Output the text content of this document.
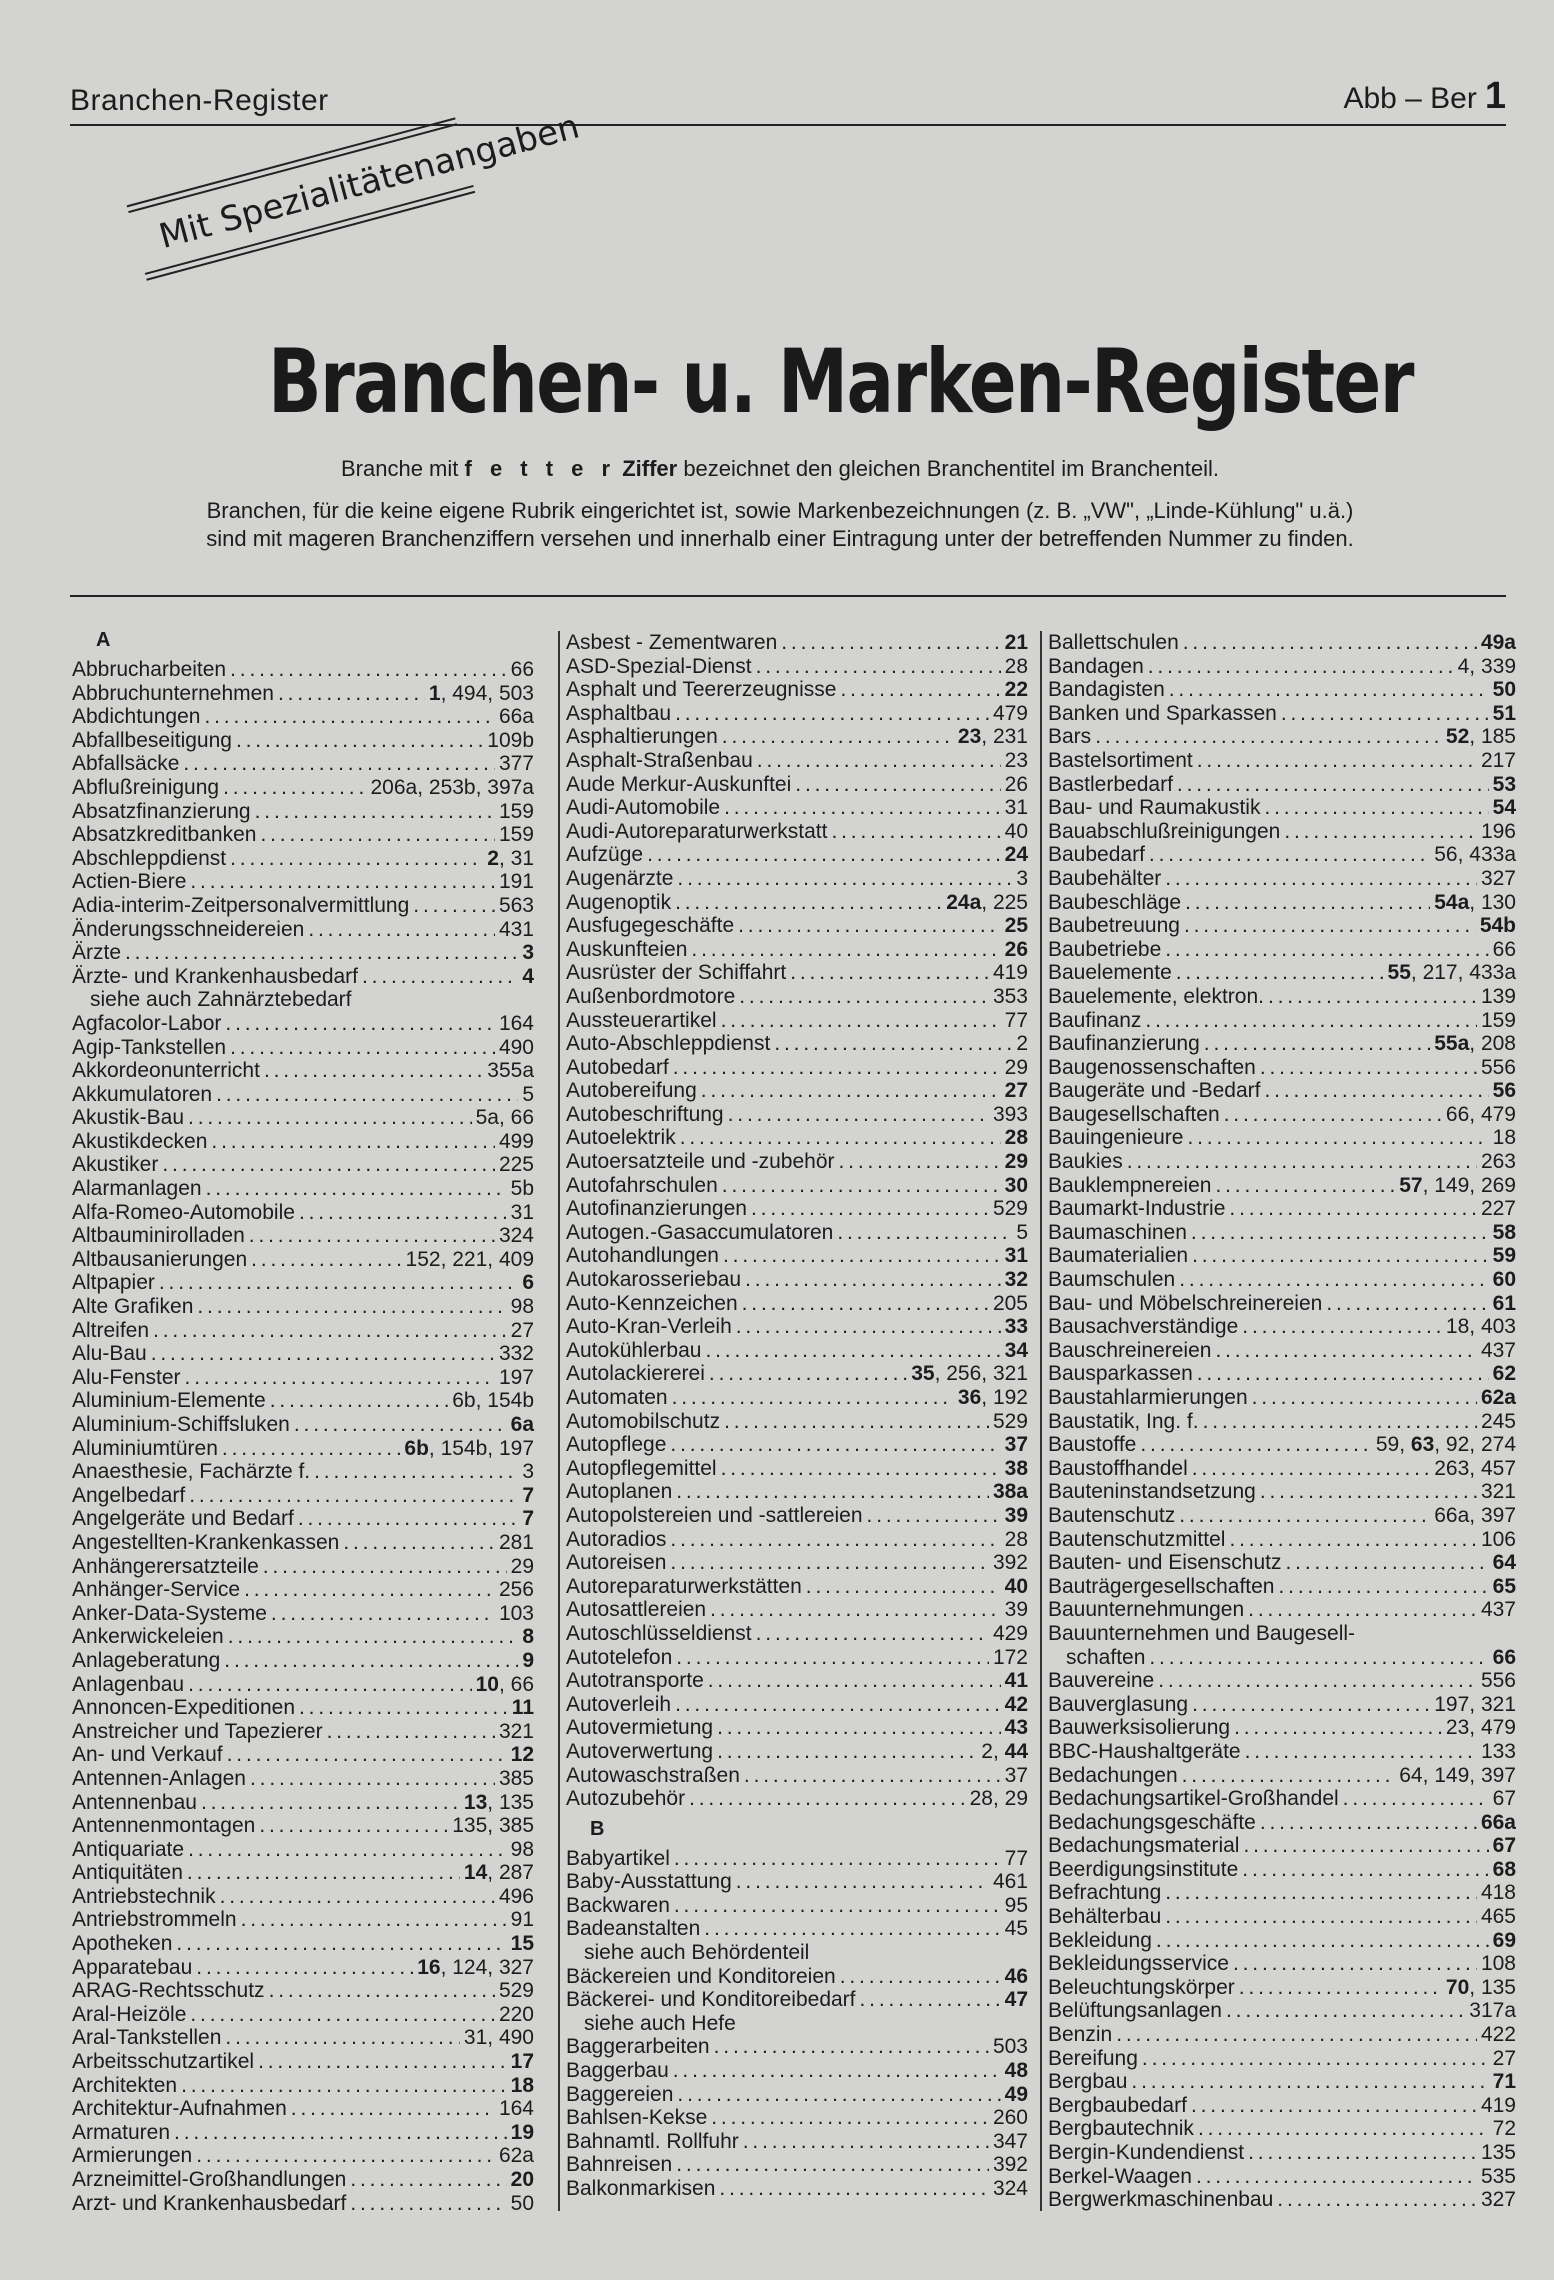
Branchen-Register	Abb – Ber 1
Mit Spezialitätenangaben
Branchen- u. Marken-Register
Branche mit f e t t e r Ziffer bezeichnet den gleichen Branchentitel im Branchenteil.
Branchen, für die keine eigene Rubrik eingerichtet ist, sowie Markenbezeichnungen (z. B. „VW", „Linde-Kühlung" u.ä.)
sind mit mageren Branchenziffern versehen und innerhalb einer Eintragung unter der betreffenden Nummer zu finden.
A
Abbrucharbeiten . . .	66
Abbruchunternehmen . . .	1, 494, 503
Abdichtungen . . .	66a
Abfallbeseitigung . . .	109b
Abfallsäcke . . .	377
Abflußreinigung . . .	206a, 253b, 397a
Absatzfinanzierung . . .	159
Absatzkreditbanken . . .	159
Abschleppdienst . . .	2, 31
Actien-Biere . . .	191
Adia-interim-Zeitpersonalvermittlung . . .	563
Änderungsschneidereien . . .	431
Ärzte . . .	3
Ärzte- und Krankenhausbedarf . . .	4
siehe auch Zahnärztebedarf
Agfacolor-Labor . . .	164
Agip-Tankstellen . . .	490
Akkordeonunterricht . . .	355a
Akkumulatoren . . .	5
Akustik-Bau . . .	5a, 66
Akustikdecken . . .	499
Akustiker . . .	225
Alarmanlagen . . .	5b
Alfa-Romeo-Automobile . . .	31
Altbauminirolladen . . .	324
Altbausanierungen . . .	152, 221, 409
Altpapier . . .	6
Alte Grafiken . . .	98
Altreifen . . .	27
Alu-Bau . . .	332
Alu-Fenster . . .	197
Aluminium-Elemente . . .	6b, 154b
Aluminium-Schiffsluken . . .	6a
Aluminiumtüren . . .	6b, 154b, 197
Anaesthesie, Fachärzte f. . . .	3
Angelbedarf . . .	7
Angelgeräte und Bedarf . . .	7
Angestellten-Krankenkassen . . .	281
Anhängerersatzteile . . .	29
Anhänger-Service . . .	256
Anker-Data-Systeme . . .	103
Ankerwickeleien . . .	8
Anlageberatung . . .	9
Anlagenbau . . .	10, 66
Annoncen-Expeditionen . . .	11
Anstreicher und Tapezierer . . .	321
An- und Verkauf . . .	12
Antennen-Anlagen . . .	385
Antennenbau . . .	13, 135
Antennenmontagen . . .	135, 385
Antiquariate . . .	98
Antiquitäten . . .	14, 287
Antriebstechnik . . .	496
Antriebstrommeln . . .	91
Apotheken . . .	15
Apparatebau . . .	16, 124, 327
ARAG-Rechtsschutz . . .	529
Aral-Heizöle . . .	220
Aral-Tankstellen . . .	31, 490
Arbeitsschutzartikel . . .	17
Architekten . . .	18
Architektur-Aufnahmen . . .	164
Armaturen . . .	19
Armierungen . . .	62a
Arzneimittel-Großhandlungen . . .	20
Arzt- und Krankenhausbedarf . . .	50
Asbest - Zementwaren . . .	21
ASD-Spezial-Dienst . . .	28
Asphalt und Teererzeugnisse . . .	22
Asphaltbau . . .	479
Asphaltierungen . . .	23, 231
Asphalt-Straßenbau . . .	23
Aude Merkur-Auskunftei . . .	26
Audi-Automobile . . .	31
Audi-Autoreparaturwerkstatt . . .	40
Aufzüge . . .	24
Augenärzte . . .	3
Augenoptik . . .	24a, 225
Ausfugegeschäfte . . .	25
Auskunfteien . . .	26
Ausrüster der Schiffahrt . . .	419
Außenbordmotore . . .	353
Aussteuerartikel . . .	77
Auto-Abschleppdienst . . .	2
Autobedarf . . .	29
Autobereifung . . .	27
Autobeschriftung . . .	393
Autoelektrik . . .	28
Autoersatzteile und -zubehör . . .	29
Autofahrschulen . . .	30
Autofinanzierungen . . .	529
Autogen.-Gasaccumulatoren . . .	5
Autohandlungen . . .	31
Autokarosseriebau . . .	32
Auto-Kennzeichen . . .	205
Auto-Kran-Verleih . . .	33
Autokühlerbau . . .	34
Autolackiererei . . .	35, 256, 321
Automaten . . .	36, 192
Automobilschutz . . .	529
Autopflege . . .	37
Autopflegemittel . . .	38
Autoplanen . . .	38a
Autopolstereien und -sattlereien . . .	39
Autoradios . . .	28
Autoreisen . . .	392
Autoreparaturwerkstätten . . .	40
Autosattlereien . . .	39
Autoschlüsseldienst . . .	429
Autotelefon . . .	172
Autotransporte . . .	41
Autoverleih . . .	42
Autovermietung . . .	43
Autoverwertung . . .	2, 44
Autowaschstraßen . . .	37
Autozubehör . . .	28, 29
B
Babyartikel . . .	77
Baby-Ausstattung . . .	461
Backwaren . . .	95
Badeanstalten . . .	45
siehe auch Behördenteil
Bäckereien und Konditoreien . . .	46
Bäckerei- und Konditoreibedarf . . .	47
siehe auch Hefe
Baggerarbeiten . . .	503
Baggerbau . . .	48
Baggereien . . .	49
Bahlsen-Kekse . . .	260
Bahnamtl. Rollfuhr . . .	347
Bahnreisen . . .	392
Balkonmarkisen . . .	324
Ballettschulen . . .	49a
Bandagen . . .	4, 339
Bandagisten . . .	50
Banken und Sparkassen . . .	51
Bars . . .	52, 185
Bastelsortiment . . .	217
Bastlerbedarf . . .	53
Bau- und Raumakustik . . .	54
Bauabschlußreinigungen . . .	196
Baubedarf . . .	56, 433a
Baubehälter . . .	327
Baubeschläge . . .	54a, 130
Baubetreuung . . .	54b
Baubetriebe . . .	66
Bauelemente . . .	55, 217, 433a
Bauelemente, elektron. . . .	139
Baufinanz . . .	159
Baufinanzierung . . .	55a, 208
Baugenossenschaften . . .	556
Baugeräte und -Bedarf . . .	56
Baugesellschaften . . .	66, 479
Bauingenieure . . .	18
Baukies . . .	263
Bauklempnereien . . .	57, 149, 269
Baumarkt-Industrie . . .	227
Baumaschinen . . .	58
Baumaterialien . . .	59
Baumschulen . . .	60
Bau- und Möbelschreinereien . . .	61
Bausachverständige . . .	18, 403
Bauschreinereien . . .	437
Bausparkassen . . .	62
Baustahlarmierungen . . .	62a
Baustatik, Ing. f. . . .	245
Baustoffe . . .	59, 63, 92, 274
Baustoffhandel . . .	263, 457
Bauteninstandsetzung . . .	321
Bautenschutz . . .	66a, 397
Bautenschutzmittel . . .	106
Bauten- und Eisenschutz . . .	64
Bauträgergesellschaften . . .	65
Bauunternehmungen . . .	437
Bauunternehmen und Baugesell-
schaften . . .	66
Bauvereine . . .	556
Bauverglasung . . .	197, 321
Bauwerksisolierung . . .	23, 479
BBC-Haushaltgeräte . . .	133
Bedachungen . . .	64, 149, 397
Bedachungsartikel-Großhandel . . .	67
Bedachungsgeschäfte . . .	66a
Bedachungsmaterial . . .	67
Beerdigungsinstitute . . .	68
Befrachtung . . .	418
Behälterbau . . .	465
Bekleidung . . .	69
Bekleidungsservice . . .	108
Beleuchtungskörper . . .	70, 135
Belüftungsanlagen . . .	317a
Benzin . . .	422
Bereifung . . .	27
Bergbau . . .	71
Bergbaubedarf . . .	419
Bergbautechnik . . .	72
Bergin-Kundendienst . . .	135
Berkel-Waagen . . .	535
Bergwerkmaschinenbau . . .	327
